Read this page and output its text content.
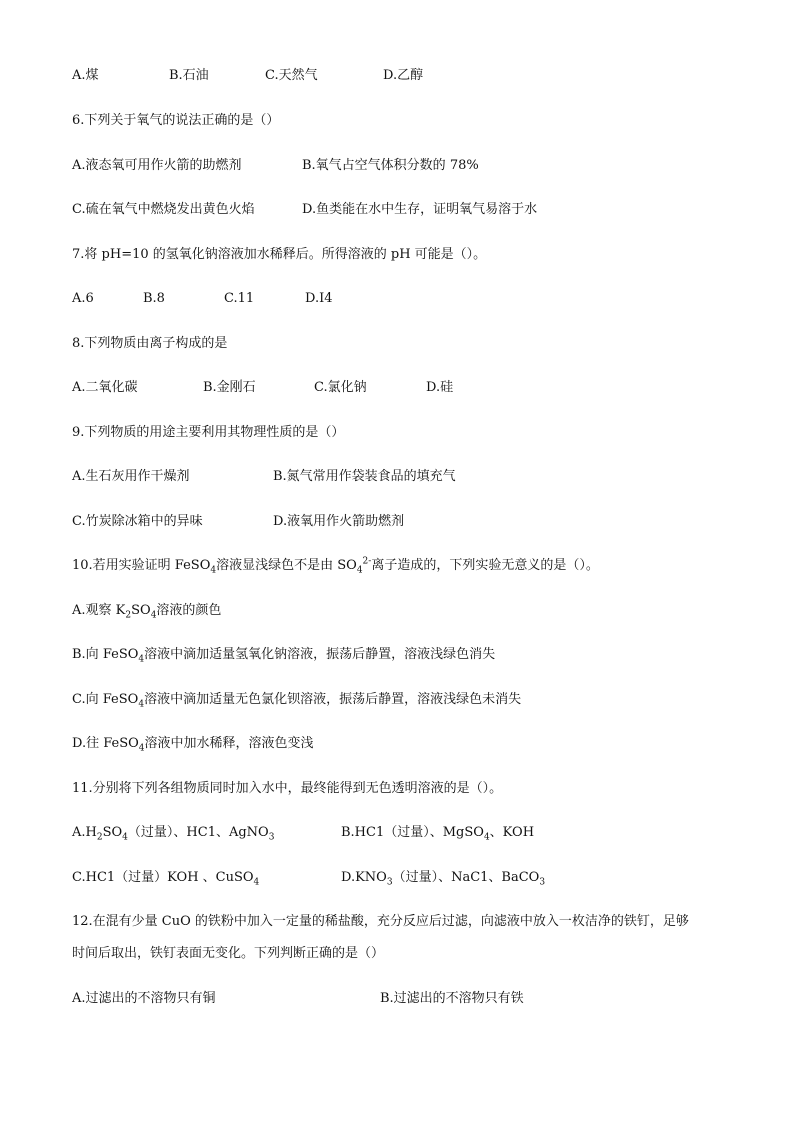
A.煤	B.石油	C.天然气	D.乙醇
6.下列关于氧气的说法正确的是（）
A.液态氧可用作火箭的助燃剂	B.氧气占空气体积分数的 78%
C.硫在氧气中燃烧发出黄色火焰	D.鱼类能在水中生存，证明氧气易溶于水
7.将 pH=10 的氢氧化钠溶液加水稀释后。所得溶液的 pH 可能是（）。
A.6	B.8	C.11	D.I4
8.下列物质由离子构成的是
A.二氧化碳	B.金刚石	C.氯化钠	D.硅
9.下列物质的用途主要利用其物理性质的是（）
A.生石灰用作干燥剂	B.氮气常用作袋装食品的填充气
C.竹炭除冰箱中的异味	D.液氧用作火箭助燃剂
10.若用实验证明 FeSO$_4$溶液显浅绿色不是由 $SO_4^{2-}$离子造成的，下列实验无意义的是（）。
A.观察 $K_2SO_4$溶液的颜色
B.向 FeSO$_4$溶液中滴加适量氢氧化钠溶液，振荡后静置，溶液浅绿色消失
C.向 FeSO$_4$溶液中滴加适量无色氯化钡溶液，振荡后静置，溶液浅绿色未消失
D.往 FeSO$_4$溶液中加水稀释，溶液色变浅
11.分别将下列各组物质同时加入水中，最终能得到无色透明溶液的是（）。
$A.H_2SO_4$（过量）、HC1、AgNO$_3$	B.HC1（过量）、MgSO$_4$、KOH
C.HC1（过量）KOH 、CuSO$_4$	$D.KNO_3$（过量）、NaC1、BaCO$_3$
12.在混有少量 CuO 的铁粉中加入一定量的稀盐酸，充分反应后过滤，向滤液中放入一枚洁净的铁钉，足够
时间后取出，铁钉表面无变化。下列判断正确的是（）
A.过滤出的不溶物只有铜	B.过滤出的不溶物只有铁
